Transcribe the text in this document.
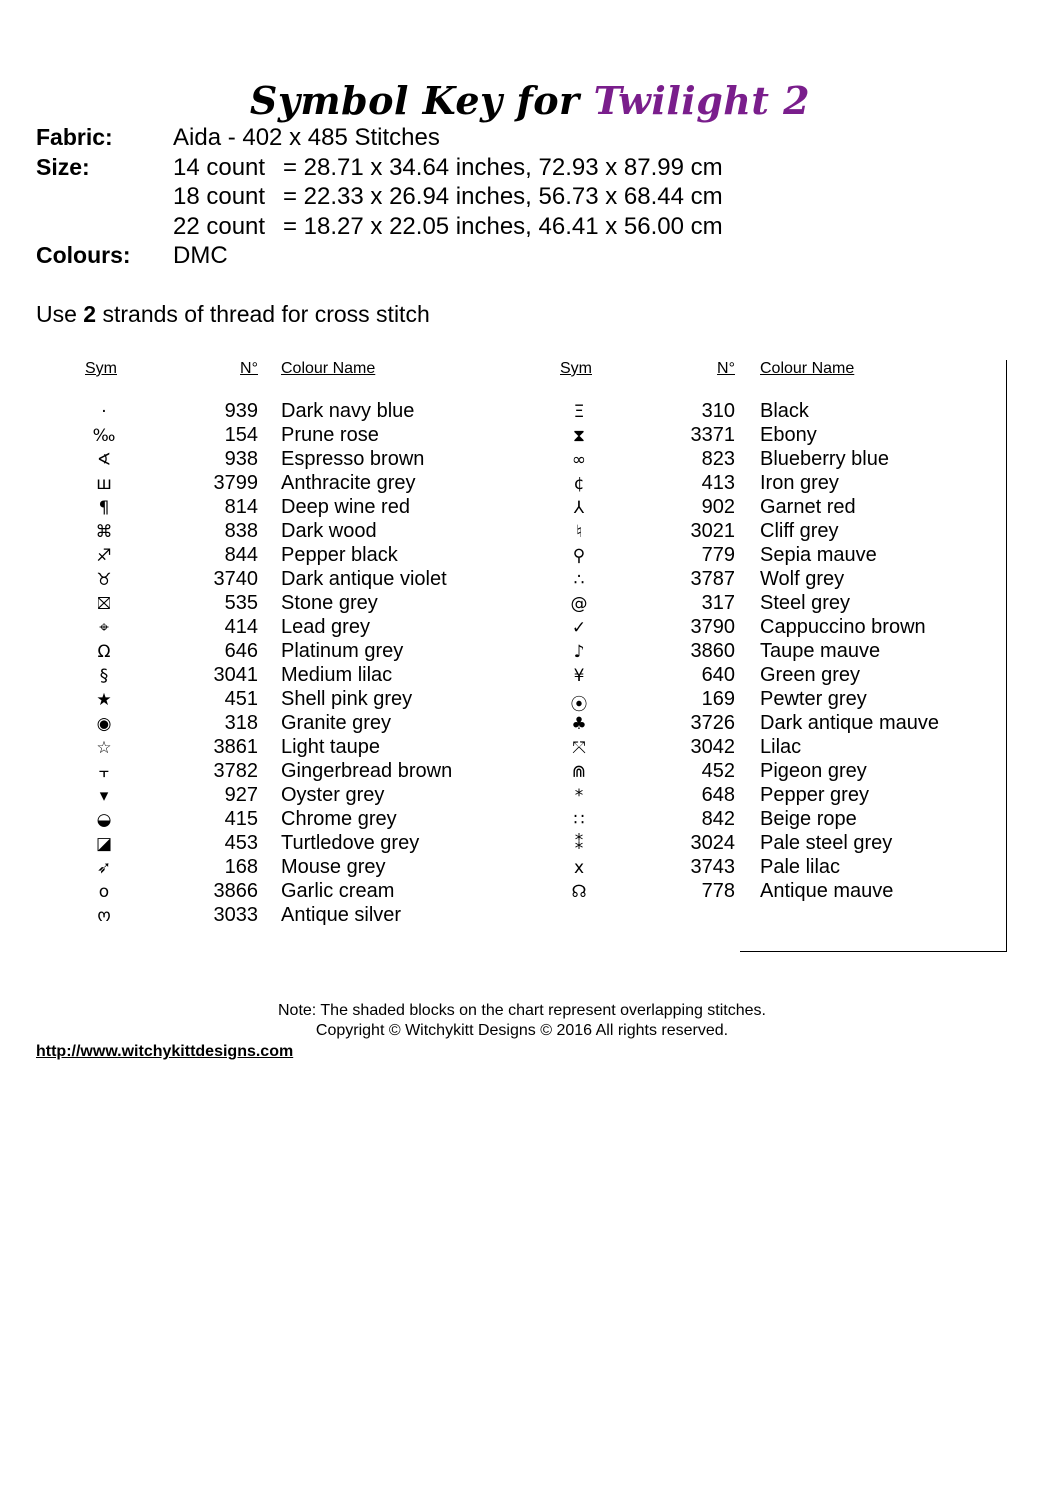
Symbol Key for Twilight 2
Fabric:	Aida - 402 x 485 Stitches
Size:	14 count = 28.71 x 34.64 inches, 72.93 x 87.99 cm
18 count = 22.33 x 26.94 inches, 56.73 x 68.44 cm
22 count = 18.27 x 22.05 inches, 46.41 x 56.00 cm
Colours: DMC
Use 2 strands of thread for cross stitch
Sym	N° Colour Name
·	939 Dark navy blue
‰	154 Prune rose
∢	938 Espresso brown
ш	3799 Anthracite grey
¶	814 Deep wine red
⌘	838 Dark wood
♐	844 Pepper black
♉	3740 Dark antique violet
⛝	535 Stone grey
⌖	414 Lead grey
Ω	646 Platinum grey
§	3041 Medium lilac
★	451 Shell pink grey
◉	318 Granite grey
☆	3861 Light taupe
⫟	3782 Gingerbread brown
▾	927 Oyster grey
◒	415 Chrome grey
◪	453 Turtledove grey
➶	168 Mouse grey
o	3866 Garlic cream
ო	3033 Antique silver
Sym	N° Colour Name
Ξ	310 Black
⧗	3371 Ebony
∞	823 Blueberry blue
¢	413 Iron grey
⅄	902 Garnet red
♮	3021 Cliff grey
⚲	779 Sepia mauve
∴	3787 Wolf grey
@	317 Steel grey
✓	3790 Cappuccino brown
♪	3860 Taupe mauve
¥	640 Green grey
⦿	169 Pewter grey
♣	3726 Dark antique mauve
⤧	3042 Lilac
⋒	452 Pigeon grey
*	648 Pepper grey
∷	842 Beige rope
⁑	3024 Pale steel grey
x	3743 Pale lilac
☊	778 Antique mauve
Note: The shaded blocks on the chart represent overlapping stitches.
Copyright © Witchykitt Designs © 2016 All rights reserved.
http://www.witchykittdesigns.com
